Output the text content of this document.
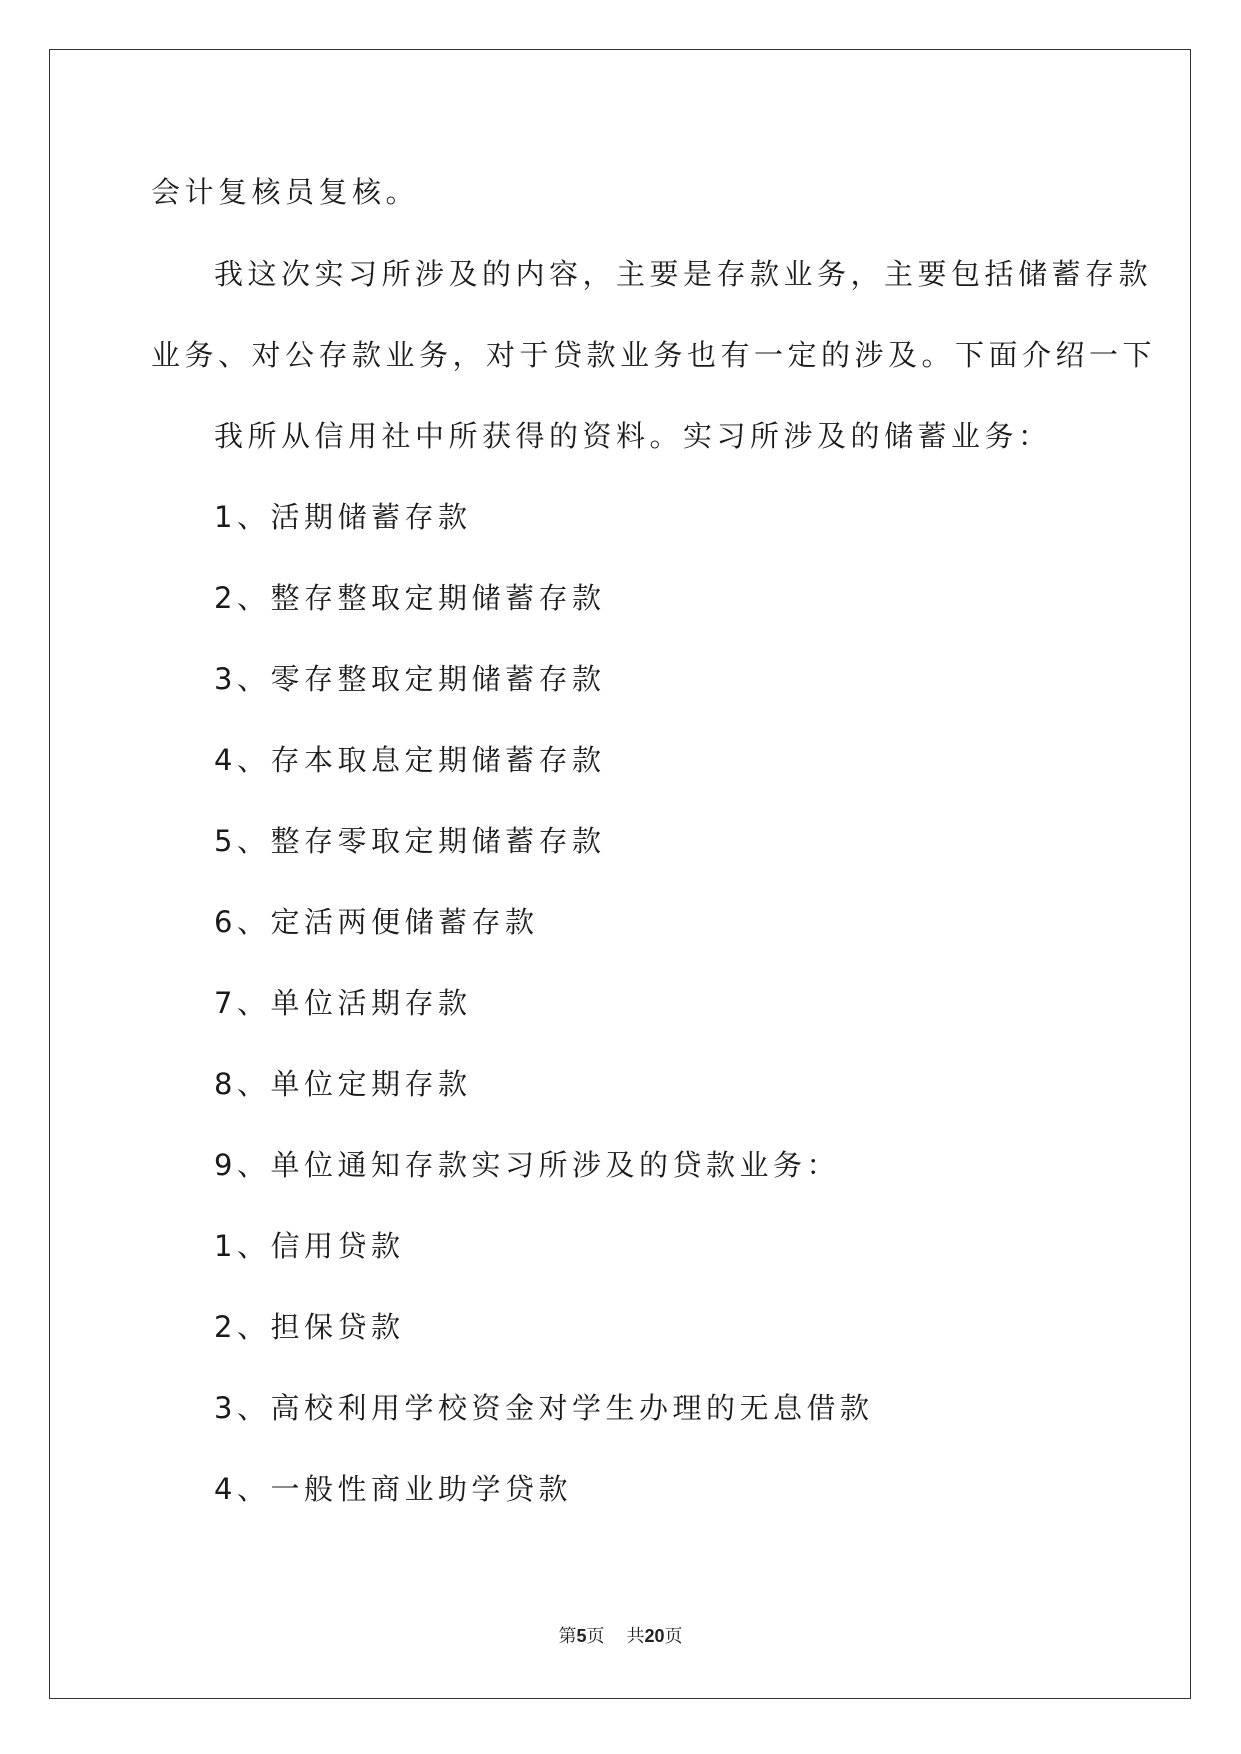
会计复核员复核。
我这次实习所涉及的内容，主要是存款业务，主要包括储蓄存款
业务、对公存款业务，对于贷款业务也有一定的涉及。下面介绍一下
我所从信用社中所获得的资料。实习所涉及的储蓄业务：
1、活期储蓄存款
2、整存整取定期储蓄存款
3、零存整取定期储蓄存款
4、存本取息定期储蓄存款
5、整存零取定期储蓄存款
6、定活两便储蓄存款
7、单位活期存款
8、单位定期存款
9、单位通知存款实习所涉及的贷款业务：
1、信用贷款
2、担保贷款
3、高校利用学校资金对学生办理的无息借款
4、一般性商业助学贷款
第5页 共20页
